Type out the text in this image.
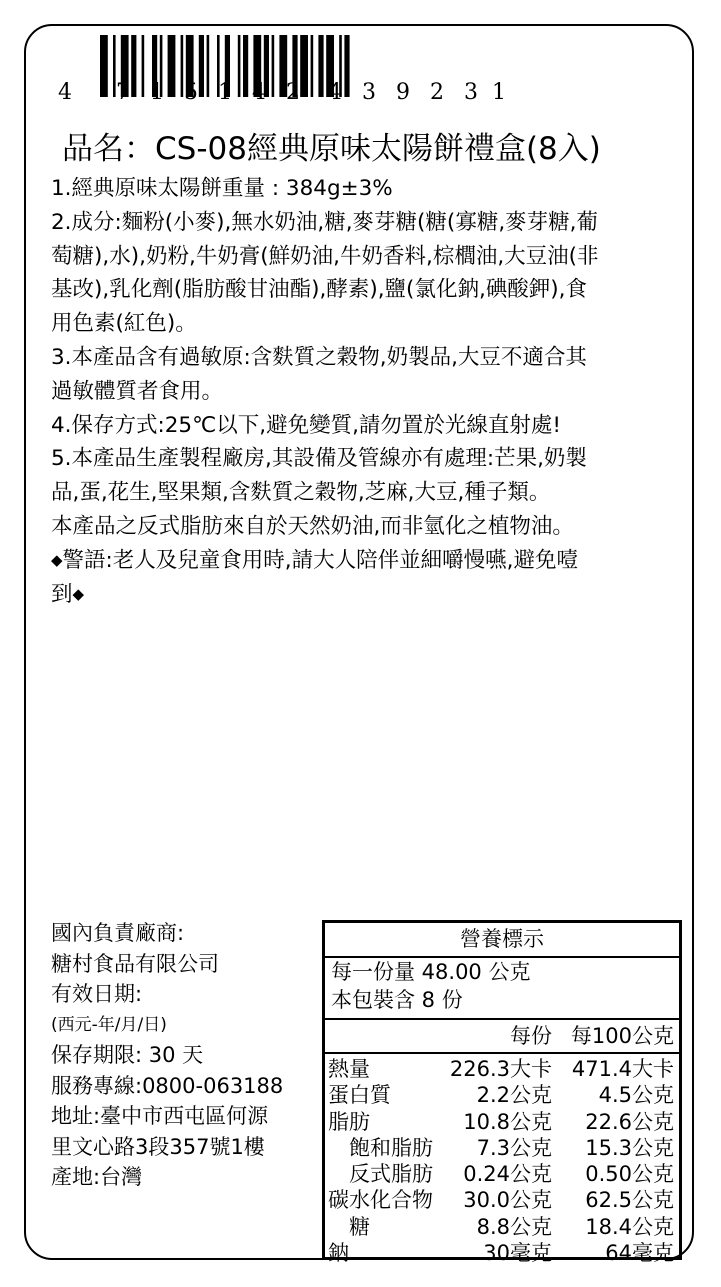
4 7 1 5 1 4 2 4 3 9 2 3 1
品名：CS-08經典原味太陽餅禮盒(8入)
1.經典原味太陽餅重量 : 384g±3%
2.成分:麵粉(小麥),無水奶油,糖,麥芽糖(糖(寡糖,麥芽糖,葡
萄糖),水),奶粉,牛奶膏(鮮奶油,牛奶香料,棕櫚油,大豆油(非
基改),乳化劑(脂肪酸甘油酯),酵素),鹽(氯化鈉,碘酸鉀),食
用色素(紅色)。
3.本產品含有過敏原:含麩質之穀物,奶製品,大豆不適合其
過敏體質者食用。
4.保存方式:25℃以下,避免變質,請勿置於光線直射處!
5.本產品生產製程廠房,其設備及管線亦有處理:芒果,奶製
品,蛋,花生,堅果類,含麩質之穀物,芝麻,大豆,種子類。
本產品之反式脂肪來自於天然奶油,而非氫化之植物油。
◆警語:老人及兒童食用時,請大人陪伴並細嚼慢嚥,避免噎
到◆
國內負責廠商:
糖村食品有限公司
有效日期:
(西元-年/月/日)
保存期限: 30 天
服務專線:0800-063188
地址:臺中市西屯區何源
里文心路3段357號1樓
產地:台灣
營養標示
每一份量 48.00 公克
本包裝含 8 份
每份 每100公克
熱量	226.3大卡 471.4大卡
蛋白質	2.2公克 4.5公克
脂肪	10.8公克 22.6公克
　飽和脂肪 7.3公克 15.3公克
　反式脂肪 0.24公克 0.50公克
碳水化合物 30.0公克 62.5公克
　糖	8.8公克 18.4公克
鈉	30毫克	64毫克
